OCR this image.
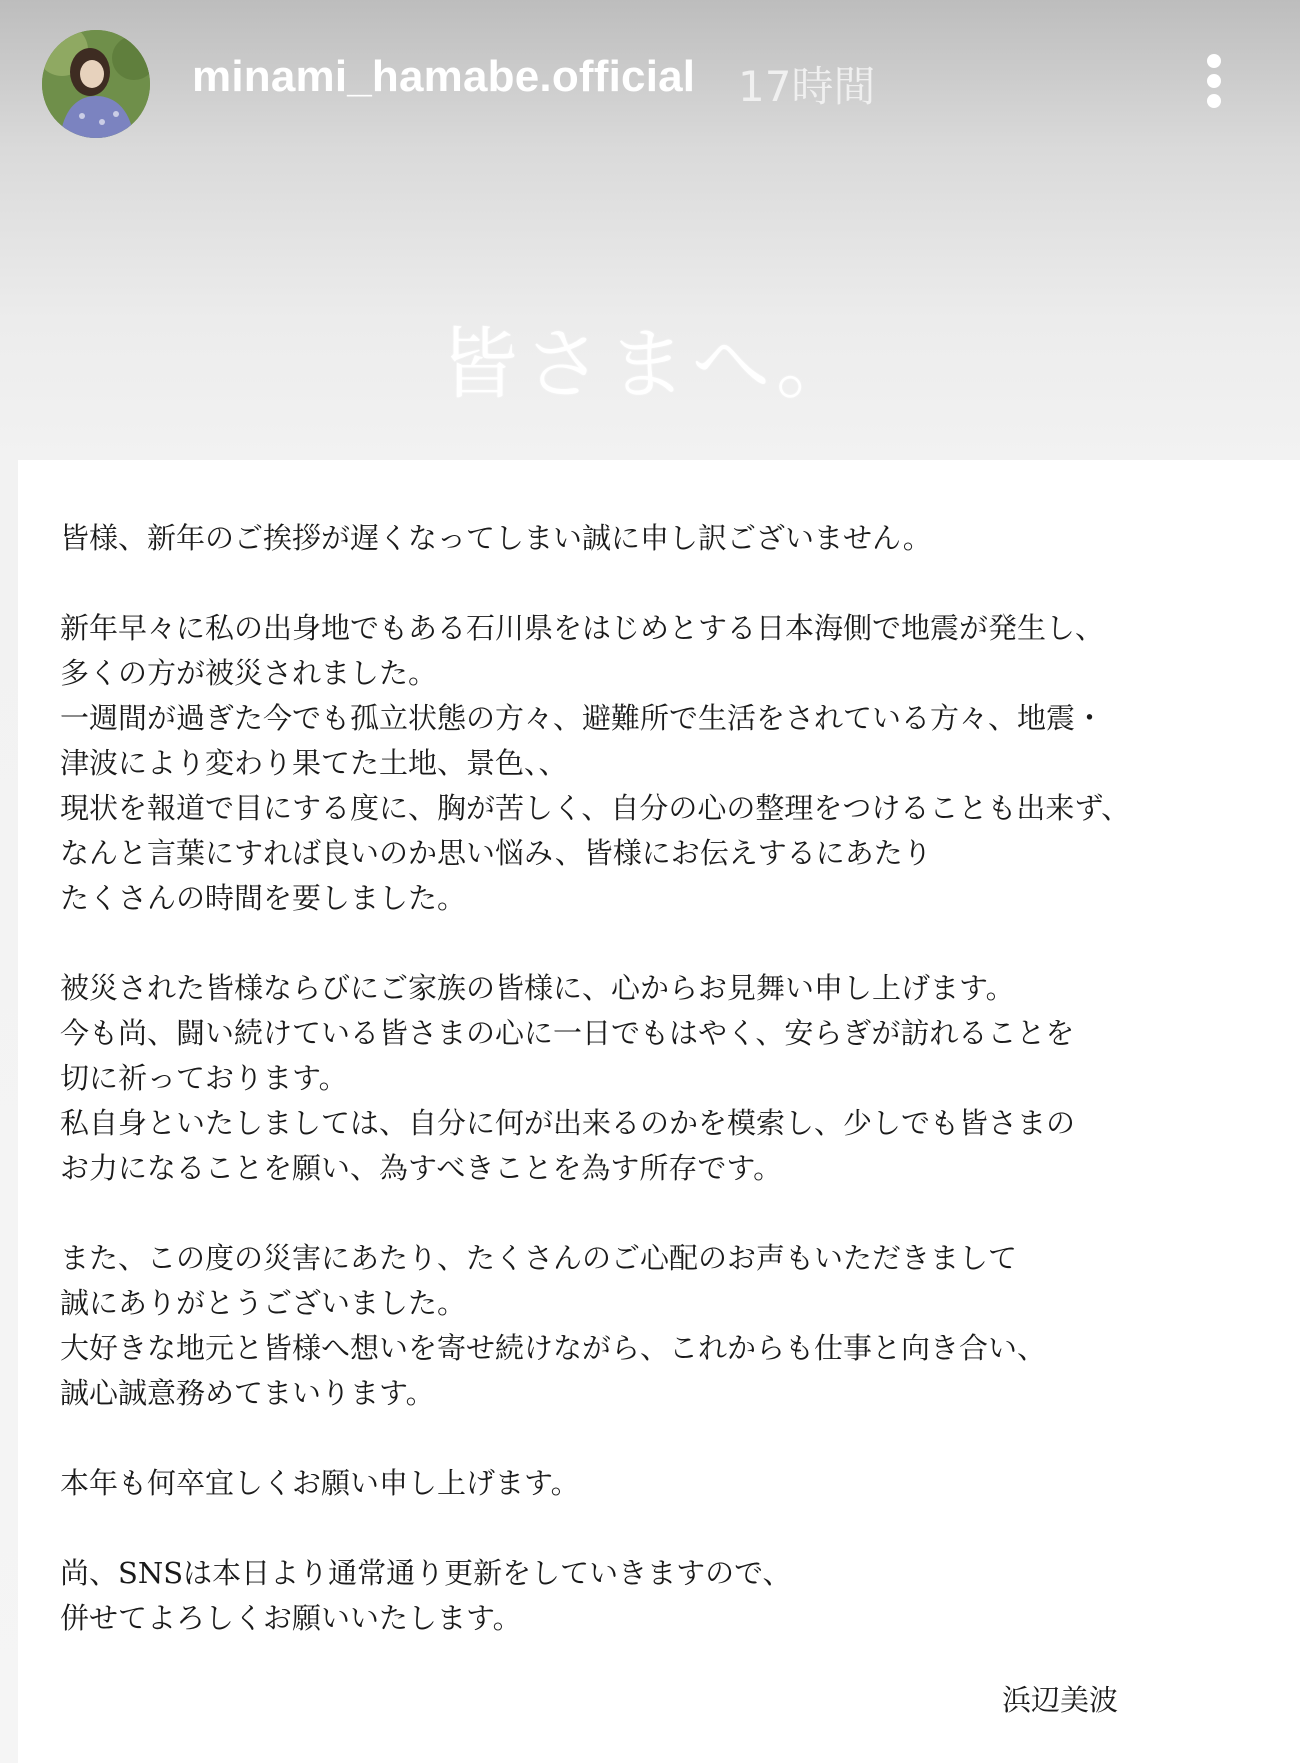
minami_hamabe.official 17時間
皆さまへ。

皆様、新年のご挨拶が遅くなってしまい誠に申し訳ございません。

新年早々に私の出身地でもある石川県をはじめとする日本海側で地震が発生し、

多くの方が被災されました。

一週間が過ぎた今でも孤立状態の方々、避難所で生活をされている方々、地震・

津波により変わり果てた土地、景色、、

現状を報道で目にする度に、胸が苦しく、自分の心の整理をつけることも出来ず、

なんと言葉にすれば良いのか思い悩み、皆様にお伝えするにあたり

たくさんの時間を要しました。

被災された皆様ならびにご家族の皆様に、心からお見舞い申し上げます。

今も尚、闘い続けている皆さまの心に一日でもはやく、安らぎが訪れることを

切に祈っております。

私自身といたしましては、自分に何が出来るのかを模索し、少しでも皆さまの

お力になることを願い、為すべきことを為す所存です。

また、この度の災害にあたり、たくさんのご心配のお声もいただきまして

誠にありがとうございました。

大好きな地元と皆様へ想いを寄せ続けながら、これからも仕事と向き合い、

誠心誠意務めてまいります。

本年も何卒宜しくお願い申し上げます。

尚、SNSは本日より通常通り更新をしていきますので、

併せてよろしくお願いいたします。

浜辺美波
